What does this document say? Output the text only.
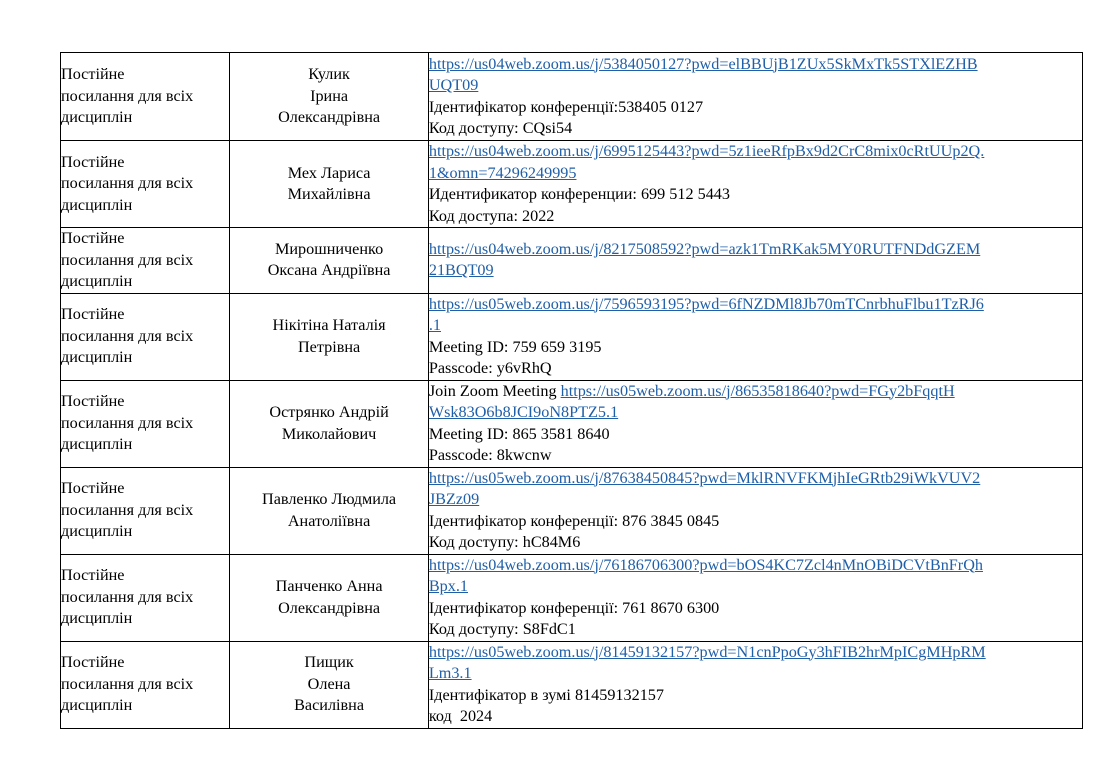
Постійне
посилання для всіх
дисциплін	Кулик
Ірина
Олександрівна	https://us04web.zoom.us/j/5384050127?pwd=elBBUjB1ZUx5SkMxTk5STXlEZHB
UQT09
Ідентифікатор конференції:538405 0127
Код доступу: CQsi54

Постійне
посилання для всіх
дисциплін	Мех Лариса
Михайлівна	https://us04web.zoom.us/j/6995125443?pwd=5z1ieeRfpBx9d2CrC8mix0cRtUUp2Q.
1&omn=74296249995
Идентификатор конференции: 699 512 5443
Код доступа: 2022

Постійне
посилання для всіх
дисциплін	Мирошниченко
Оксана Андріївна	https://us04web.zoom.us/j/8217508592?pwd=azk1TmRKak5MY0RUTFNDdGZEM
21BQT09

Постійне
посилання для всіх
дисциплін	Нікітіна Наталія
Петрівна	https://us05web.zoom.us/j/7596593195?pwd=6fNZDMl8Jb70mTCnrbhuFlbu1TzRJ6
.1
Meeting ID: 759 659 3195
Passcode: y6vRhQ

Постійне
посилання для всіх
дисциплін	Острянко Андрій
Миколайович	Join Zoom Meeting https://us05web.zoom.us/j/86535818640?pwd=FGy2bFqqtH
Wsk83O6b8JCI9oN8PTZ5.1
Meeting ID: 865 3581 8640
Passcode: 8kwcnw

Постійне
посилання для всіх
дисциплін	Павленко Людмила
Анатоліївна	https://us05web.zoom.us/j/87638450845?pwd=MklRNVFKMjhIeGRtb29iWkVUV2
JBZz09
Ідентифікатор конференції: 876 3845 0845
Код доступу: hC84M6

Постійне
посилання для всіх
дисциплін	Панченко Анна
Олександрівна	https://us04web.zoom.us/j/76186706300?pwd=bOS4KC7Zcl4nMnOBiDCVtBnFrQh
Bpx.1
Ідентифікатор конференції: 761 8670 6300
Код доступу: S8FdC1

Постійне
посилання для всіх
дисциплін	Пищик
Олена
Василівна	https://us05web.zoom.us/j/81459132157?pwd=N1cnPpoGy3hFIB2hrMpICgMHpRM
Lm3.1
Ідентифікатор в зумі 81459132157
код  2024
